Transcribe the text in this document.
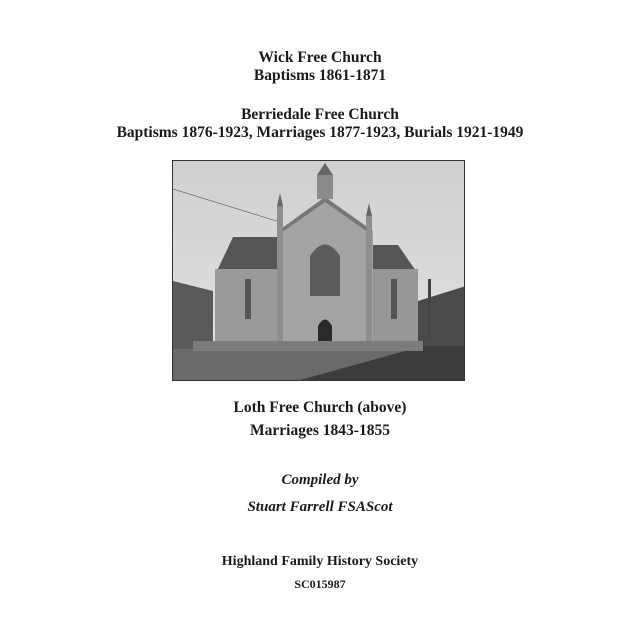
Wick Free Church
Baptisms 1861-1871
Berriedale Free Church
Baptisms 1876-1923, Marriages 1877-1923, Burials 1921-1949
Loth Free Church (above)
Marriages 1843-1855
Compiled by
Stuart Farrell FSAScot
Highland Family History Society
SC015987
